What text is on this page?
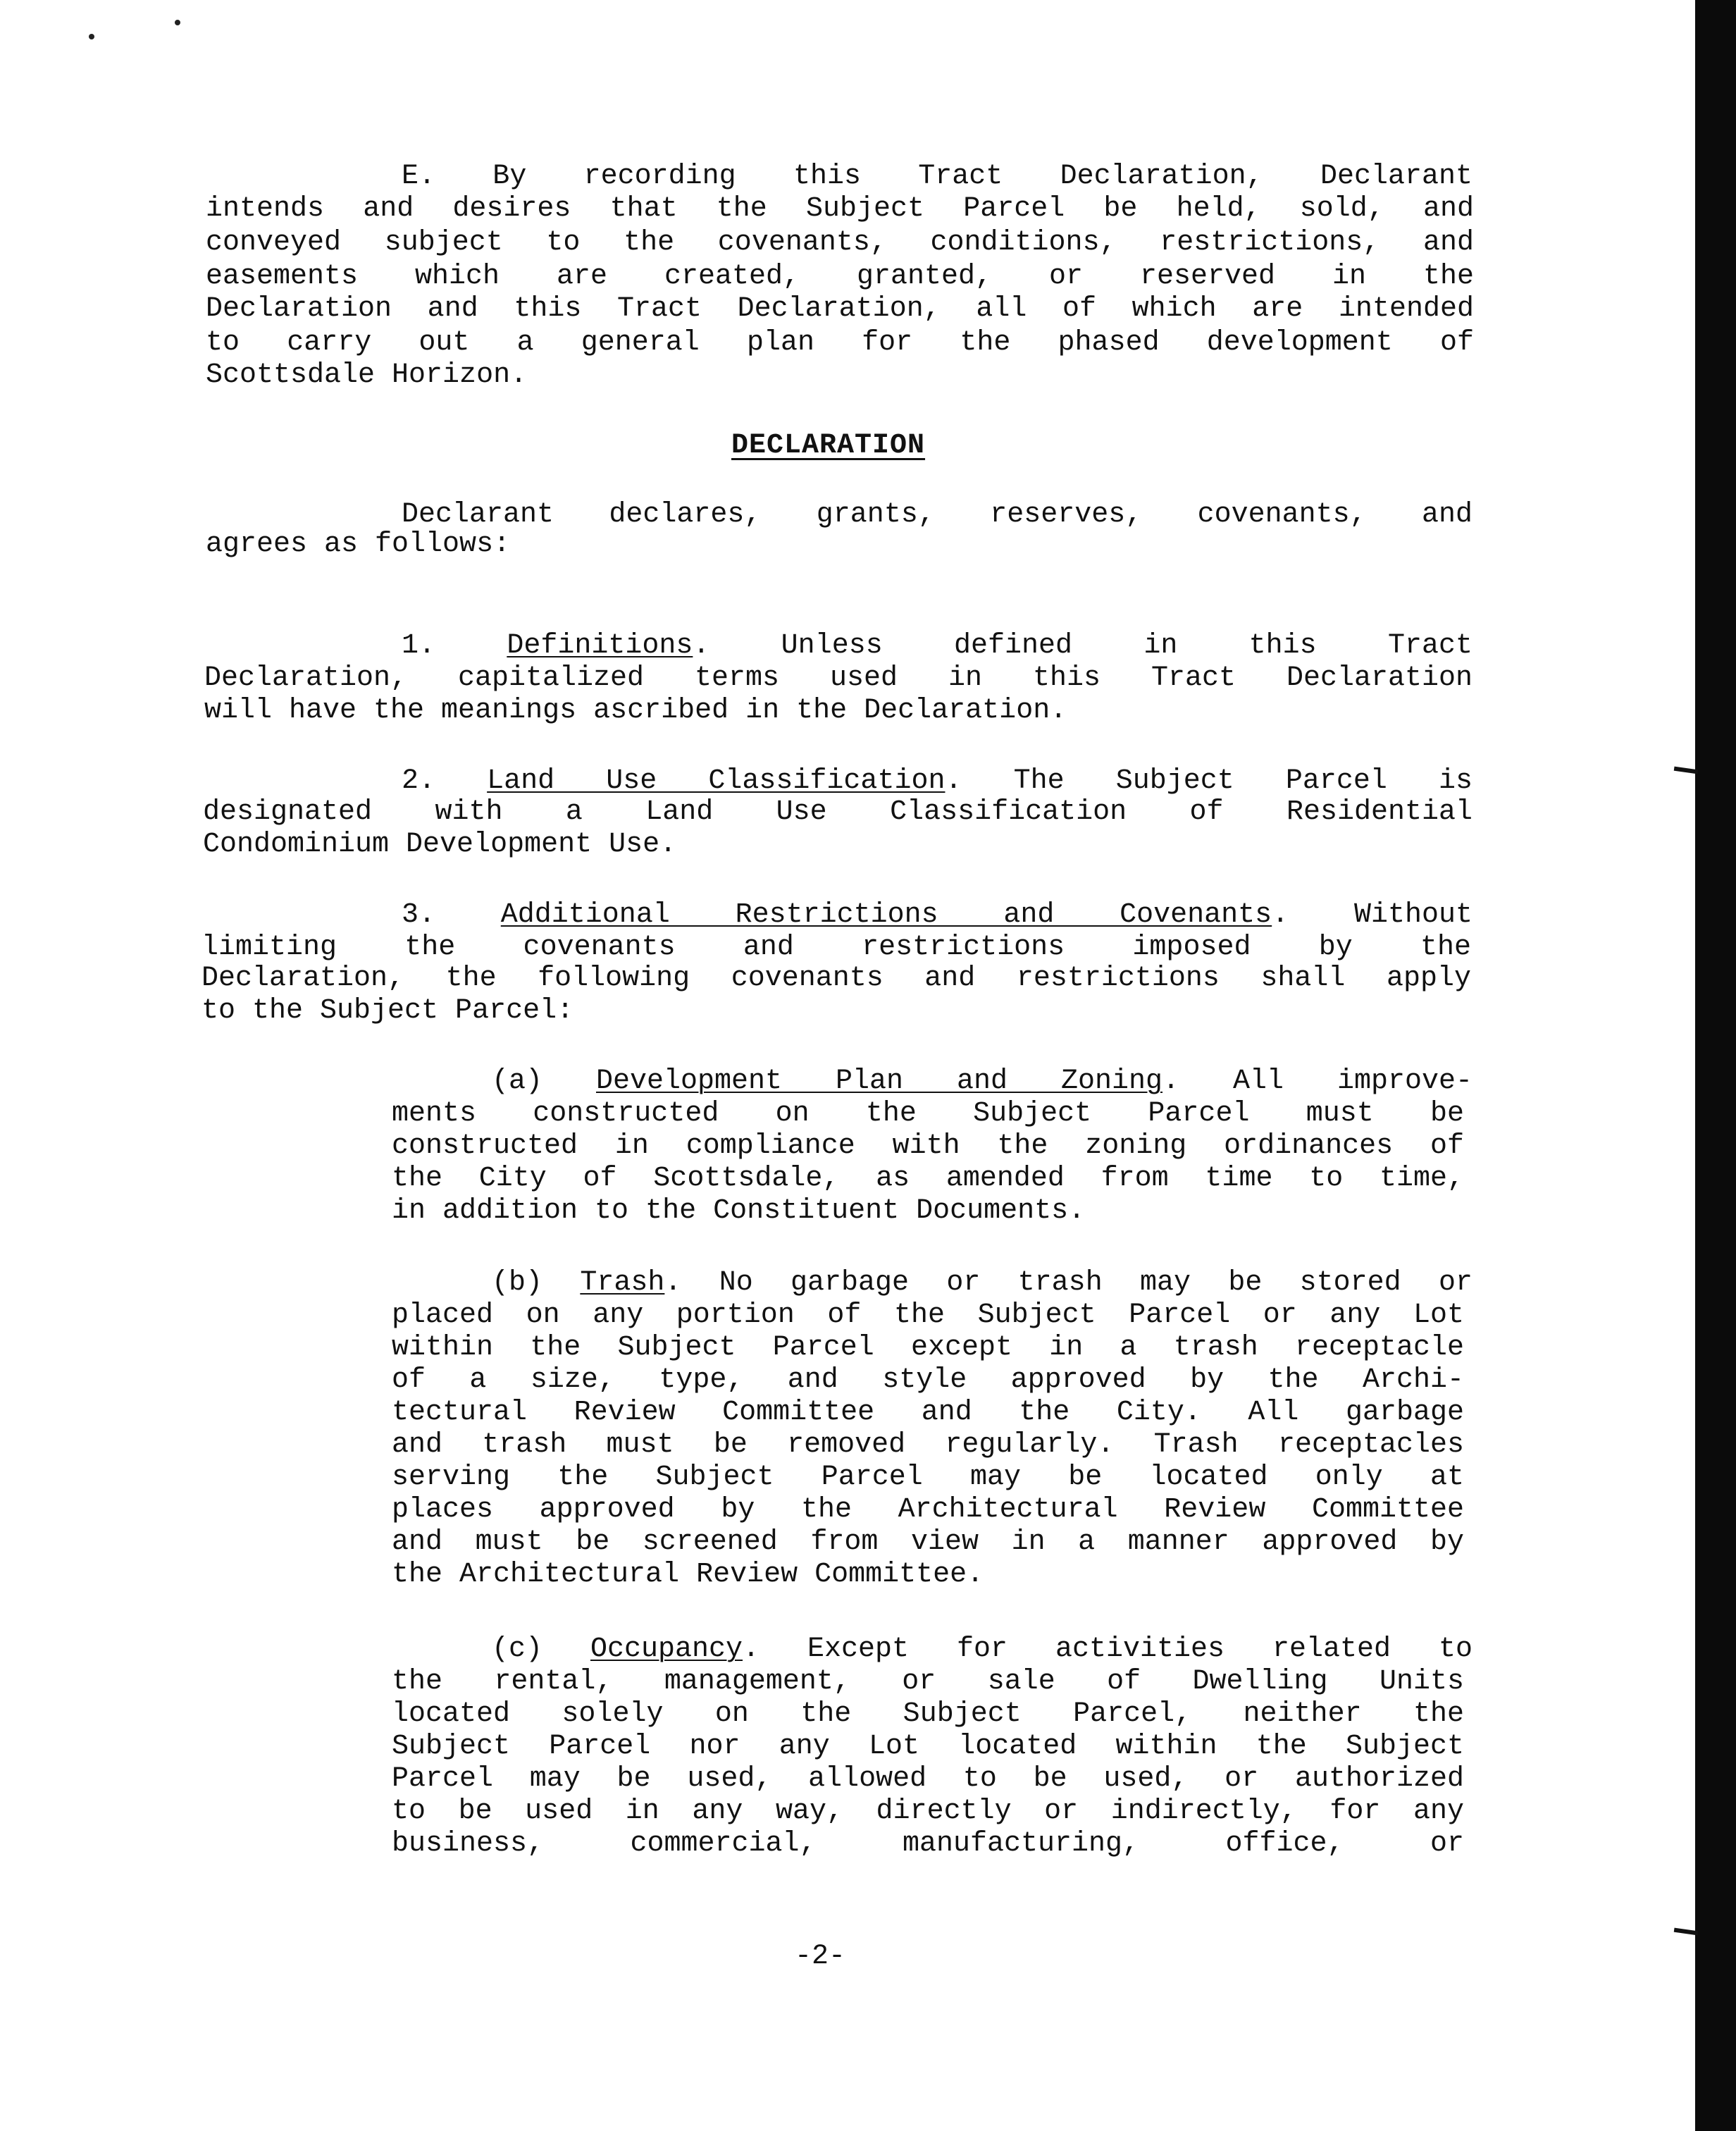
E. By recording this Tract Declaration, Declarant
intends and desires that the Subject Parcel be held, sold, and
conveyed subject to the covenants, conditions, restrictions, and
easements which are created, granted, or reserved in the
Declaration and this Tract Declaration, all of which are intended
to carry out a general plan for the phased development of
Scottsdale Horizon.
DECLARATION
Declarant declares, grants, reserves, covenants, and
agrees as follows:
1.	Definitions. Unless defined in this Tract
Declaration, capitalized terms used in this Tract Declaration
will have the meanings ascribed in the Declaration.
2. Land Use Classification. The Subject Parcel is
designated with a Land Use Classification of Residential
Condominium Development Use.
3. Additional Restrictions and Covenants. Without
limiting the covenants and restrictions imposed by the
Declaration, the following covenants and restrictions shall apply
to the Subject Parcel:
(a) Development Plan and Zoning. All improve-
ments constructed on the Subject Parcel must be
constructed in compliance with the zoning ordinances of
the City of Scottsdale, as amended from time to time,
in addition to the Constituent Documents.
(b) Trash. No garbage or trash may be stored or
placed on any portion of the Subject Parcel or any Lot
within the Subject Parcel except in a trash receptacle
of a size, type, and style approved by the Archi-
tectural Review Committee and the City. All garbage
and trash must be removed regularly. Trash receptacles
serving the Subject Parcel may be located only at
places approved by the Architectural Review Committee
and must be screened from view in a manner approved by
the Architectural Review Committee.
(c) Occupancy. Except for activities related to
the rental, management, or sale of Dwelling Units
located solely on the Subject Parcel, neither the
Subject Parcel nor any Lot located within the Subject
Parcel may be used, allowed to be used, or authorized
to be used in any way, directly or indirectly, for any
business, commercial, manufacturing, office, or
-2-
